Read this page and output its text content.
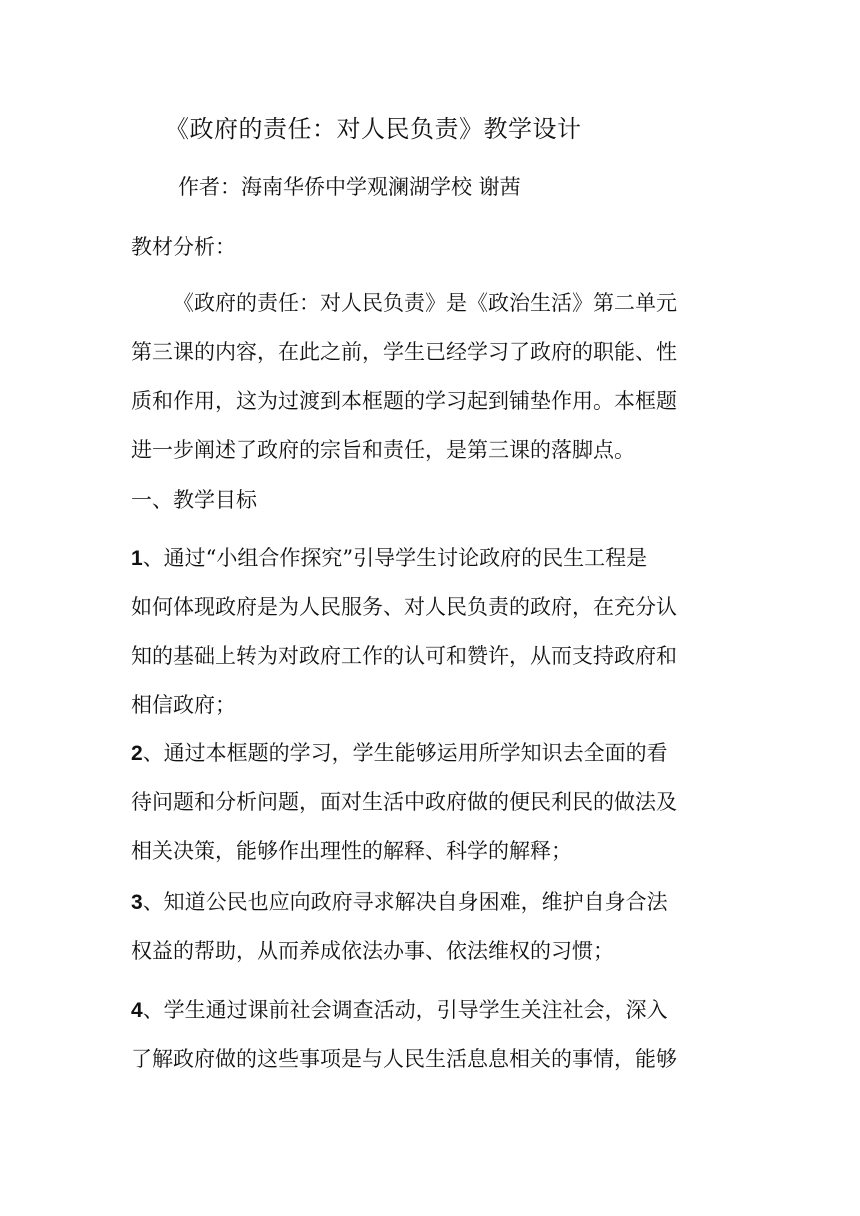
《政府的责任：对人民负责》教学设计
作者：海南华侨中学观澜湖学校 谢茜
教材分析：
《政府的责任：对人民负责》是《政治生活》第二单元
第三课的内容，在此之前，学生已经学习了政府的职能、性
质和作用，这为过渡到本框题的学习起到铺垫作用。本框题
进一步阐述了政府的宗旨和责任，是第三课的落脚点。
一、教学目标
1、通过“小组合作探究”引导学生讨论政府的民生工程是
如何体现政府是为人民服务、对人民负责的政府，在充分认
知的基础上转为对政府工作的认可和赞许，从而支持政府和
相信政府；
2、通过本框题的学习，学生能够运用所学知识去全面的看
待问题和分析问题，面对生活中政府做的便民利民的做法及
相关决策，能够作出理性的解释、科学的解释；
3、知道公民也应向政府寻求解决自身困难，维护自身合法
权益的帮助，从而养成依法办事、依法维权的习惯；
4、学生通过课前社会调查活动，引导学生关注社会，深入
了解政府做的这些事项是与人民生活息息相关的事情，能够
